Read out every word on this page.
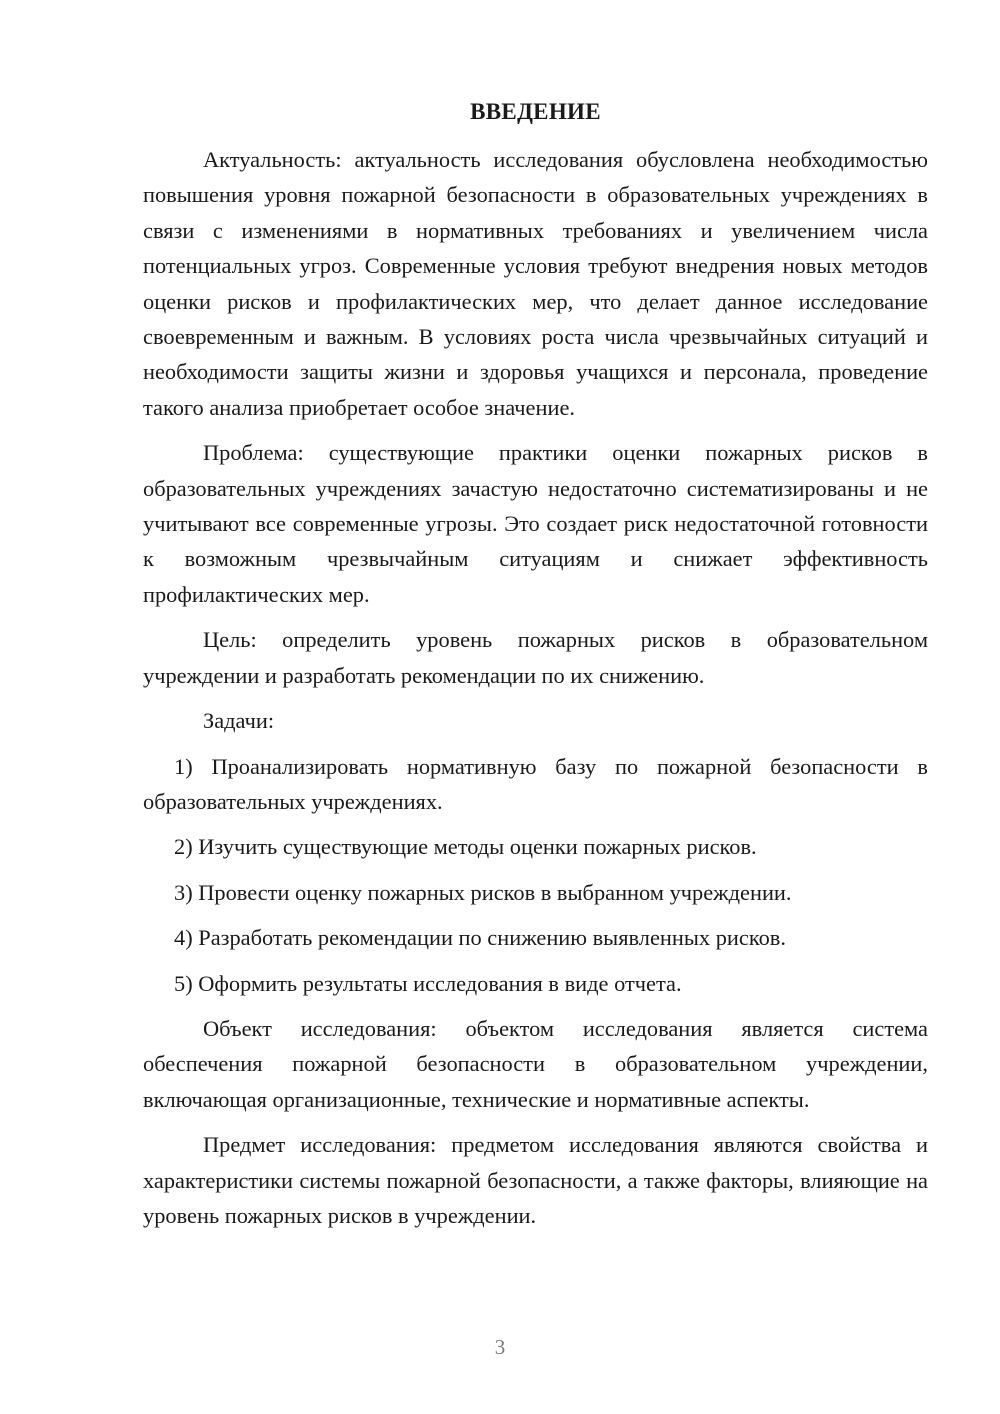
ВВЕДЕНИЕ

Актуальность: актуальность исследования обусловлена необходимостью повышения уровня пожарной безопасности в образовательных учреждениях в связи с изменениями в нормативных требованиях и увеличением числа потенциальных угроз. Современные условия требуют внедрения новых методов оценки рисков и профилактических мер, что делает данное исследование своевременным и важным. В условиях роста числа чрезвычайных ситуаций и необходимости защиты жизни и здоровья учащихся и персонала, проведение такого анализа приобретает особое значение.

Проблема: существующие практики оценки пожарных рисков в образовательных учреждениях зачастую недостаточно систематизированы и не учитывают все современные угрозы. Это создает риск недостаточной готовности к возможным чрезвычайным ситуациям и снижает эффективность профилактических мер.

Цель: определить уровень пожарных рисков в образовательном учреждении и разработать рекомендации по их снижению.

Задачи:

1) Проанализировать нормативную базу по пожарной безопасности в образовательных учреждениях.
2) Изучить существующие методы оценки пожарных рисков.
3) Провести оценку пожарных рисков в выбранном учреждении.
4) Разработать рекомендации по снижению выявленных рисков.
5) Оформить результаты исследования в виде отчета.

Объект исследования: объектом исследования является система обеспечения пожарной безопасности в образовательном учреждении, включающая организационные, технические и нормативные аспекты.

Предмет исследования: предметом исследования являются свойства и характеристики системы пожарной безопасности, а также факторы, влияющие на уровень пожарных рисков в учреждении.

3
